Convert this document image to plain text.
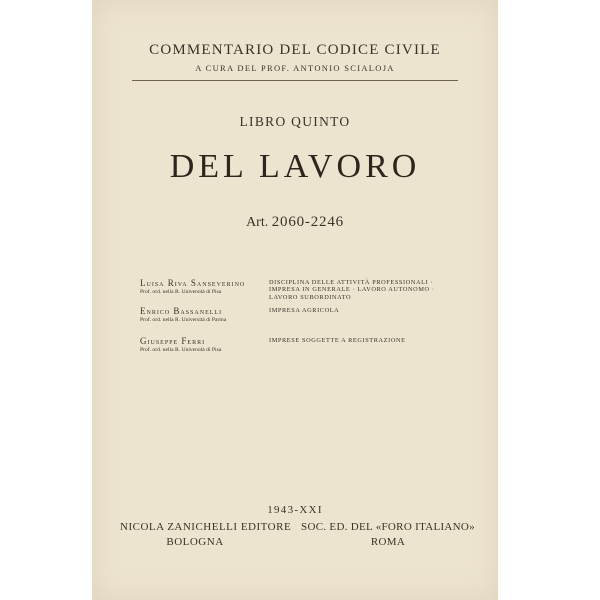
COMMENTARIO DEL CODICE CIVILE
A CURA DEL PROF. ANTONIO SCIALOJA
LIBRO QUINTO
DEL LAVORO
Art. 2060-2246
Luisa Riva Sanseverino
Prof. ord. nella R. Università di Pisa
DISCIPLINA DELLE ATTIVITÀ PROFESSIONALI · IMPRESA IN GENERALE · LAVORO AUTONOMO · LAVORO SUBORDINATO
Enrico Bassanelli
Prof. ord. nella R. Università di Parma
IMPRESA AGRICOLA
Giuseppe Ferri
Prof. ord. nella R. Università di Pisa
IMPRESE SOGGETTE A REGISTRAZIONE
1943-XXI
NICOLA ZANICHELLI EDITORE
BOLOGNA
SOC. ED. DEL «FORO ITALIANO»
ROMA
